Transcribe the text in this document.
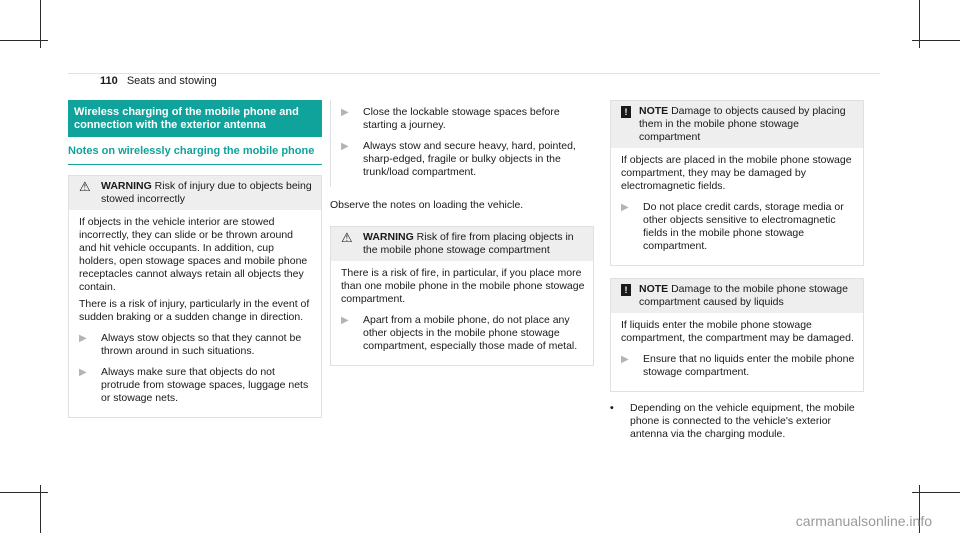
110 Seats and stowing
Wireless charging of the mobile phone and connection with the exterior antenna
Notes on wirelessly charging the mobile phone
⚠ WARNING Risk of injury due to objects being stowed incorrectly

If objects in the vehicle interior are stowed incorrectly, they can slide or be thrown around and hit vehicle occupants. In addition, cup holders, open stowage spaces and mobile phone receptacles cannot always retain all objects they contain.

There is a risk of injury, particularly in the event of sudden braking or a sudden change in direction.

▶	Always stow objects so that they cannot be thrown around in such situations.
▶	Always make sure that objects do not protrude from stowage spaces, luggage nets or stowage nets.
▶	Close the lockable stowage spaces before starting a journey.
▶	Always stow and secure heavy, hard, pointed, sharp-edged, fragile or bulky objects in the trunk/load compartment.

Observe the notes on loading the vehicle.

⚠ WARNING Risk of fire from placing objects in the mobile phone stowage compartment

There is a risk of fire, in particular, if you place more than one mobile phone in the mobile phone stowage compartment.

▶	Apart from a mobile phone, do not place any other objects in the mobile phone stowage compartment, especially those made of metal.
!	NOTE Damage to objects caused by placing them in the mobile phone stowage compartment

If objects are placed in the mobile phone stowage compartment, they may be damaged by electromagnetic fields.

▶	Do not place credit cards, storage media or other objects sensitive to electromagnetic fields in the mobile phone stowage compartment.
!	NOTE Damage to the mobile phone stowage compartment caused by liquids

If liquids enter the mobile phone stowage compartment, the compartment may be damaged.

▶	Ensure that no liquids enter the mobile phone stowage compartment.
•	Depending on the vehicle equipment, the mobile phone is connected to the vehicle's exterior antenna via the charging module.
carmanualsonline.info
